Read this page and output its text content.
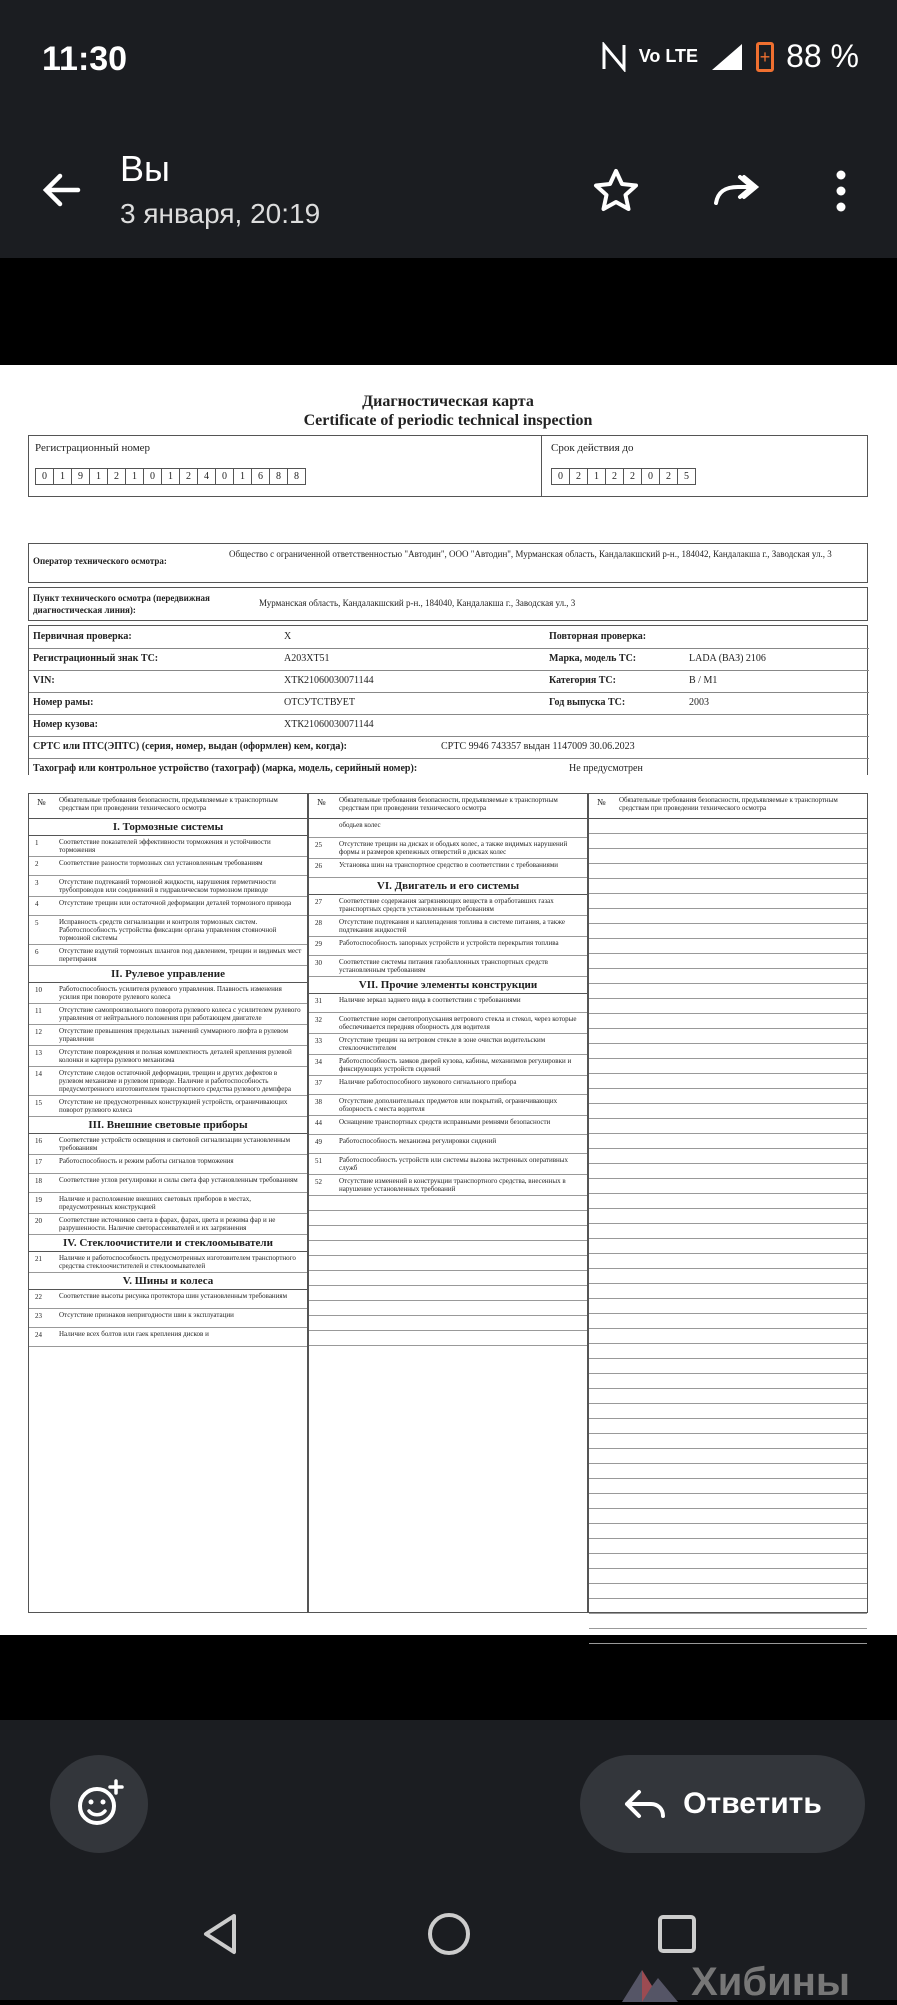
11:30	Vo LTE
+	88 %
Вы
3 января, 20:19
Диагностическая карта
Certificate of periodic technical inspection
Регистрационный номер
0	1	9	1	2	1	0	1	2	4	0	1	6	8	8
Срок действия до
0	2	1	2	2	0	2	5
Оператор технического осмотра:
Общество с ограниченной ответственностью "Автодин", ООО "Автодин", Мурманская область, Кандалакшский р-н., 184042, Кандалакша г., Заводская ул., 3
Пункт технического осмотра (передвижная диагностическая линия):
Мурманская область, Кандалакшский р-н., 184040, Кандалакша г., Заводская ул., 3
Первичная проверка:	X	Повторная проверка:
Регистрационный знак ТС:	А203ХТ51	Марка, модель ТС:	LADA (ВАЗ) 2106
VIN:	ХТК21060030071144	Категория ТС:	B / M1
Номер рамы:	ОТСУТСТВУЕТ	Год выпуска ТС:	2003
Номер кузова:	ХТК21060030071144
СРТС или ПТС(ЭПТС) (серия, номер, выдан (оформлен) кем, когда):	СРТС 9946 743357 выдан 1147009 30.06.2023
Тахограф или контрольное устройство (тахограф) (марка, модель, серийный номер):	Не предусмотрен
№ Обязательные требования безопасности, предъявляемые к транспортным средствам при проведении технического осмотра
I. Тормозные системы
1	Соответствие показателей эффективности торможения и устойчивости торможения
2	Соответствие разности тормозных сил установленным требованиям
3	Отсутствие подтеканий тормозной жидкости, нарушения герметичности трубопроводов или соединений в гидравлическом тормозном приводе
4	Отсутствие трещин или остаточной деформации деталей тормозного привода
5	Исправность средств сигнализации и контроля тормозных систем. Работоспособность устройства фиксации органа управления стояночной тормозной системы
6	Отсутствие вздутий тормозных шлангов под давлением, трещин и видимых мест перетирания
II. Рулевое управление
10 Работоспособность усилителя рулевого управления. Плавность изменения усилия при повороте рулевого колеса
11 Отсутствие самопроизвольного поворота рулевого колеса с усилителем рулевого управления от нейтрального положения при работающем двигателе
12 Отсутствие превышения предельных значений суммарного люфта в рулевом управлении
13 Отсутствие повреждения и полная комплектность деталей крепления рулевой колонки и картера рулевого механизма
14 Отсутствие следов остаточной деформации, трещин и других дефектов в рулевом механизме и рулевом приводе. Наличие и работоспособность предусмотренного изготовителем транспортного средства рулевого демпфера
15 Отсутствие не предусмотренных конструкцией устройств, ограничивающих поворот рулевого колеса
III. Внешние световые приборы
16 Соответствие устройств освещения и световой сигнализации установленным требованиям
17 Работоспособность и режим работы сигналов торможения
18 Соответствие углов регулировки и силы света фар установленным требованиям
19 Наличие и расположение внешних световых приборов в местах, предусмотренных конструкцией
20 Соответствие источников света в фарах, фарах, цвета и режима фар и не разрушенности. Наличие светорассеивателей и их загрязнения
IV. Стеклоочистители и стеклоомыватели
21 Наличие и работоспособность предусмотренных изготовителем транспортного средства стеклоочистителей и стеклоомывателей
V. Шины и колеса
22 Соответствие высоты рисунка протектора шин установленным требованиям
23 Отсутствие признаков непригодности шин к эксплуатации
24 Наличие всех болтов или гаек крепления дисков и
№ Обязательные требования безопасности, предъявляемые к транспортным средствам при проведении технического осмотра
ободьев колес
25 Отсутствие трещин на дисках и ободьях колес, а также видимых нарушений формы и размеров крепежных отверстий в дисках колес
26 Установка шин на транспортное средство в соответствии с требованиями
VI. Двигатель и его системы
27 Соответствие содержания загрязняющих веществ в отработавших газах транспортных средств установленным требованиям
28 Отсутствие подтекания и каплепадения топлива в системе питания, а также подтекания жидкостей
29 Работоспособность запорных устройств и устройств перекрытия топлива
30 Соответствие системы питания газобаллонных транспортных средств установленным требованиям
VII. Прочие элементы конструкции
31 Наличие зеркал заднего вида в соответствии с требованиями
32 Соответствие норм светопропускания ветрового стекла и стекол, через которые обеспечивается передняя обзорность для водителя
33 Отсутствие трещин на ветровом стекле в зоне очистки водительским стеклоочистителем
34 Работоспособность замков дверей кузова, кабины, механизмов регулировки и фиксирующих устройств сидений
37 Наличие работоспособного звукового сигнального прибора
38 Отсутствие дополнительных предметов или покрытий, ограничивающих обзорность с места водителя
44 Оснащение транспортных средств исправными ремнями безопасности
49 Работоспособность механизма регулировки сидений
51 Работоспособность устройств или системы вызова экстренных оперативных служб
52 Отсутствие изменений в конструкции транспортного средства, внесенных в нарушение установленных требований
№ Обязательные требования безопасности, предъявляемые к транспортным средствам при проведении технического осмотра
Ответить
Хибины
